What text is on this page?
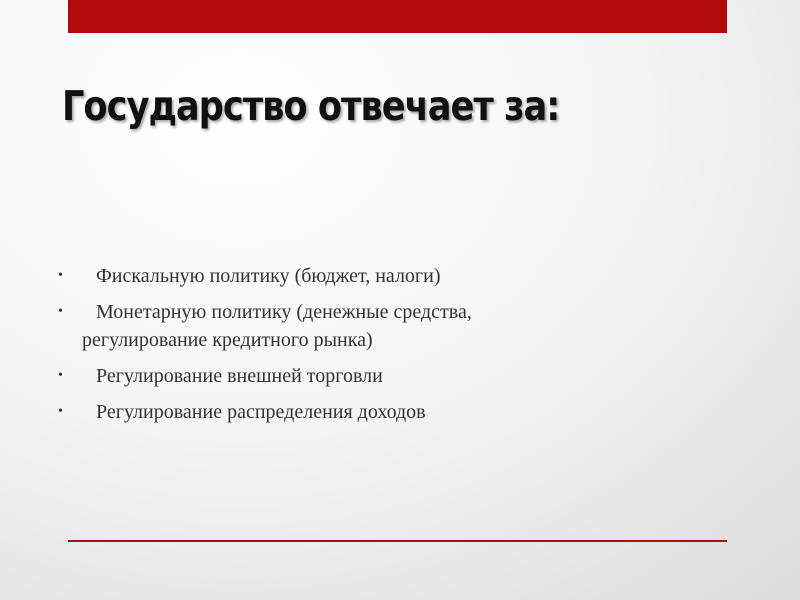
Государство отвечает за:
• Фискальную политику (бюджет, налоги)
• Монетарную политику (денежные средства,
регулирование кредитного рынка)
• Регулирование внешней торговли
• Регулирование распределения доходов
